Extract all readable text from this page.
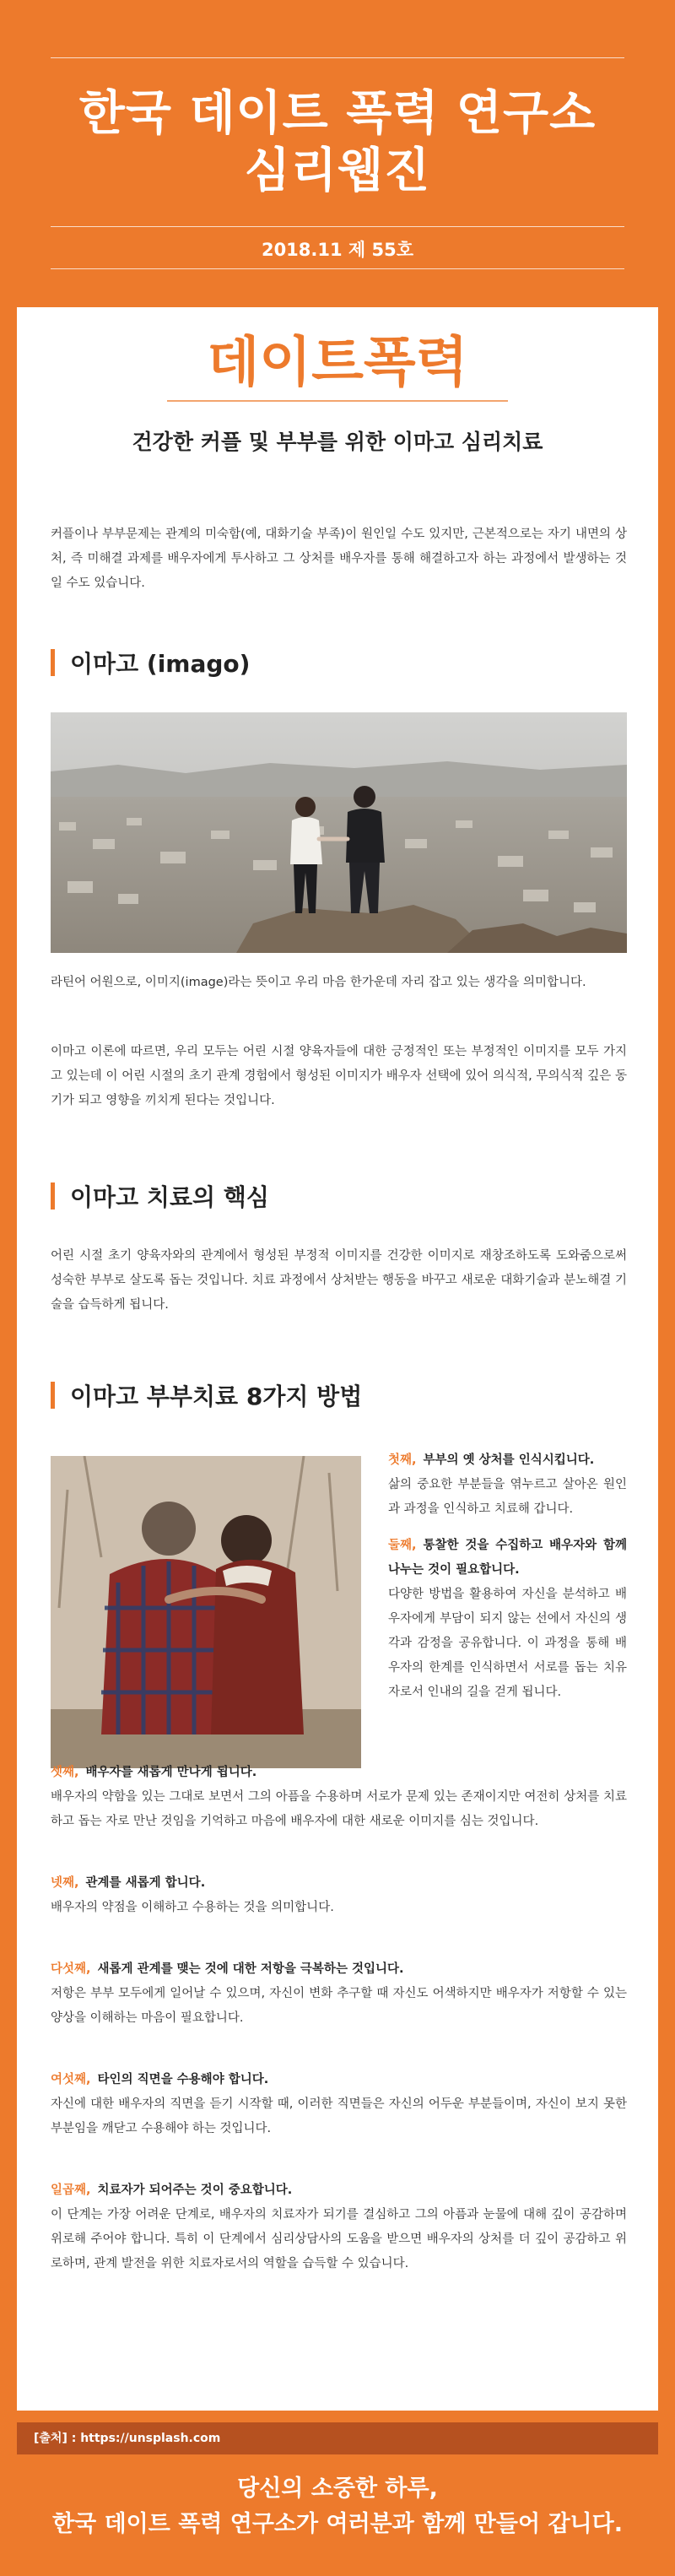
한국 데이트 폭력 연구소
심리웹진
2018.11 제 55호
데이트폭력
건강한 커플 및 부부를 위한 이마고 심리치료
커플이나 부부문제는 관계의 미숙함(예, 대화기술 부족)이 원인일 수도 있지만, 근본적으로는 자기 내면의 상처, 즉 미해결 과제를 배우자에게 투사하고 그 상처를 배우자를 통해 해결하고자 하는 과정에서 발생하는 것일 수도 있습니다.
이마고 (imago)
라틴어 어원으로, 이미지(image)라는 뜻이고 우리 마음 한가운데 자리 잡고 있는 생각을 의미합니다.
이마고 이론에 따르면, 우리 모두는 어린 시절 양육자들에 대한 긍정적인 또는 부정적인 이미지를 모두 가지고 있는데 이 어린 시절의 초기 관계 경험에서 형성된 이미지가 배우자 선택에 있어 의식적, 무의식적 깊은 동기가 되고 영향을 끼치게 된다는 것입니다.
이마고 치료의 핵심
어린 시절 초기 양육자와의 관계에서 형성된 부정적 이미지를 건강한 이미지로 재창조하도록 도와줌으로써 성숙한 부부로 살도록 돕는 것입니다. 치료 과정에서 상처받는 행동을 바꾸고 새로운 대화기술과 분노해결 기술을 습득하게 됩니다.
이마고 부부치료 8가지 방법
첫째, 부부의 옛 상처를 인식시킵니다.
삶의 중요한 부분들을 엮누르고 살아온 원인과 과정을 인식하고 치료해 갑니다.
둘째, 통찰한 것을 수집하고 배우자와 함께 나누는 것이 필요합니다.
다양한 방법을 활용하여 자신을 분석하고 배우자에게 부담이 되지 않는 선에서 자신의 생각과 감정을 공유합니다. 이 과정을 통해 배우자의 한계를 인식하면서 서로를 돕는 치유자로서 인내의 길을 걷게 됩니다.
셋째, 배우자를 새롭게 만나게 됩니다.
배우자의 약함을 있는 그대로 보면서 그의 아픔을 수용하며 서로가 문제 있는 존재이지만 여전히 상처를 치료하고 돕는 자로 만난 것임을 기억하고 마음에 배우자에 대한 새로운 이미지를 심는 것입니다.
넷째, 관계를 새롭게 합니다.
배우자의 약점을 이해하고 수용하는 것을 의미합니다.
다섯째, 새롭게 관계를 맺는 것에 대한 저항을 극복하는 것입니다.
저항은 부부 모두에게 일어날 수 있으며, 자신이 변화 추구할 때 자신도 어색하지만 배우자가 저항할 수 있는 양상을 이해하는 마음이 필요합니다.
여섯째, 타인의 직면을 수용해야 합니다.
자신에 대한 배우자의 직면을 듣기 시작할 때, 이러한 직면들은 자신의 어두운 부분들이며, 자신이 보지 못한 부분임을 깨닫고 수용해야 하는 것입니다.
일곱째, 치료자가 되어주는 것이 중요합니다.
이 단계는 가장 어려운 단계로, 배우자의 치료자가 되기를 결심하고 그의 아픔과 눈물에 대해 깊이 공감하며 위로해 주어야 합니다. 특히 이 단계에서 심리상담사의 도움을 받으면 배우자의 상처를 더 깊이 공감하고 위로하며, 관계 발전을 위한 치료자로서의 역할을 습득할 수 있습니다.
[출처] : https://unsplash.com
당신의 소중한 하루,
한국 데이트 폭력 연구소가 여러분과 함께 만들어 갑니다.
